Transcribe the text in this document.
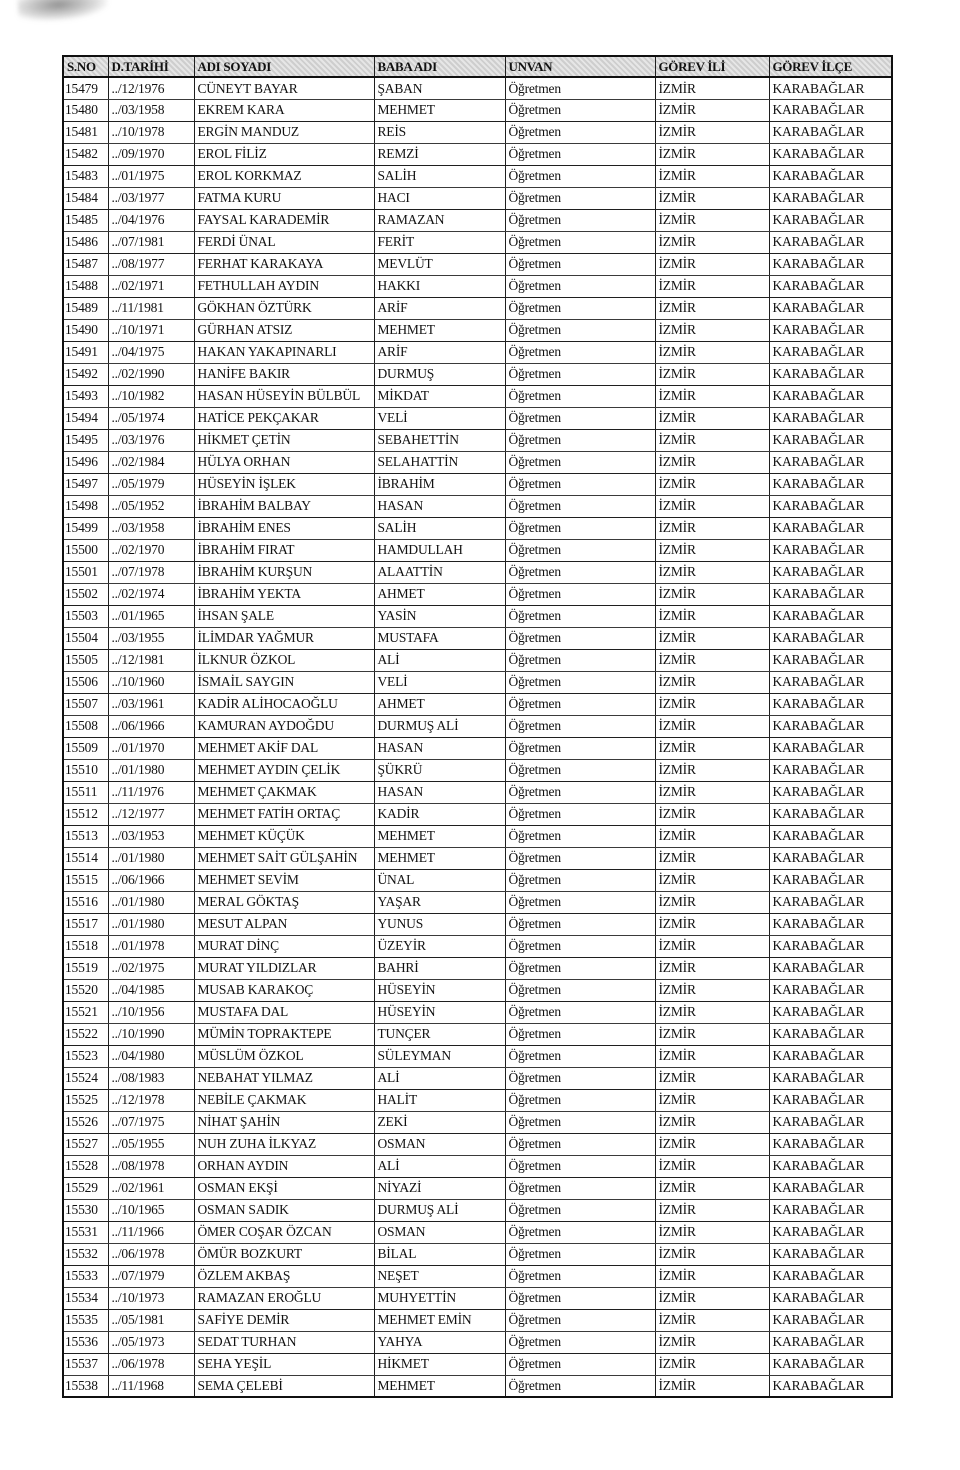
S.NO	D.TARİHİ	ADI SOYADI	BABA ADI	UNVAN	GÖREV İLİ	GÖREV İLÇE
15479	../12/1976	CÜNEYT BAYAR	ŞABAN	Öğretmen	İZMİR	KARABAĞLAR
15480	../03/1958	EKREM KARA	MEHMET	Öğretmen	İZMİR	KARABAĞLAR
15481	../10/1978	ERGİN MANDUZ	REİS	Öğretmen	İZMİR	KARABAĞLAR
15482	../09/1970	EROL FİLİZ	REMZİ	Öğretmen	İZMİR	KARABAĞLAR
15483	../01/1975	EROL KORKMAZ	SALİH	Öğretmen	İZMİR	KARABAĞLAR
15484	../03/1977	FATMA KURU	HACI	Öğretmen	İZMİR	KARABAĞLAR
15485	../04/1976	FAYSAL KARADEMİR	RAMAZAN	Öğretmen	İZMİR	KARABAĞLAR
15486	../07/1981	FERDİ ÜNAL	FERİT	Öğretmen	İZMİR	KARABAĞLAR
15487	../08/1977	FERHAT KARAKAYA	MEVLÜT	Öğretmen	İZMİR	KARABAĞLAR
15488	../02/1971	FETHULLAH AYDIN	HAKKI	Öğretmen	İZMİR	KARABAĞLAR
15489	../11/1981	GÖKHAN ÖZTÜRK	ARİF	Öğretmen	İZMİR	KARABAĞLAR
15490	../10/1971	GÜRHAN ATSIZ	MEHMET	Öğretmen	İZMİR	KARABAĞLAR
15491	../04/1975	HAKAN YAKAPINARLI	ARİF	Öğretmen	İZMİR	KARABAĞLAR
15492	../02/1990	HANİFE BAKIR	DURMUŞ	Öğretmen	İZMİR	KARABAĞLAR
15493	../10/1982	HASAN HÜSEYİN BÜLBÜL	MİKDAT	Öğretmen	İZMİR	KARABAĞLAR
15494	../05/1974	HATİCE PEKÇAKAR	VELİ	Öğretmen	İZMİR	KARABAĞLAR
15495	../03/1976	HİKMET ÇETİN	SEBAHETTİN	Öğretmen	İZMİR	KARABAĞLAR
15496	../02/1984	HÜLYA ORHAN	SELAHATTİN	Öğretmen	İZMİR	KARABAĞLAR
15497	../05/1979	HÜSEYİN İŞLEK	İBRAHİM	Öğretmen	İZMİR	KARABAĞLAR
15498	../05/1952	İBRAHİM BALBAY	HASAN	Öğretmen	İZMİR	KARABAĞLAR
15499	../03/1958	İBRAHİM ENES	SALİH	Öğretmen	İZMİR	KARABAĞLAR
15500	../02/1970	İBRAHİM FIRAT	HAMDULLAH	Öğretmen	İZMİR	KARABAĞLAR
15501	../07/1978	İBRAHİM KURŞUN	ALAATTİN	Öğretmen	İZMİR	KARABAĞLAR
15502	../02/1974	İBRAHİM YEKTA	AHMET	Öğretmen	İZMİR	KARABAĞLAR
15503	../01/1965	İHSAN ŞALE	YASİN	Öğretmen	İZMİR	KARABAĞLAR
15504	../03/1955	İLİMDAR YAĞMUR	MUSTAFA	Öğretmen	İZMİR	KARABAĞLAR
15505	../12/1981	İLKNUR ÖZKOL	ALİ	Öğretmen	İZMİR	KARABAĞLAR
15506	../10/1960	İSMAİL SAYGIN	VELİ	Öğretmen	İZMİR	KARABAĞLAR
15507	../03/1961	KADİR ALİHOCAOĞLU	AHMET	Öğretmen	İZMİR	KARABAĞLAR
15508	../06/1966	KAMURAN AYDOĞDU	DURMUŞ ALİ	Öğretmen	İZMİR	KARABAĞLAR
15509	../01/1970	MEHMET AKİF DAL	HASAN	Öğretmen	İZMİR	KARABAĞLAR
15510	../01/1980	MEHMET AYDIN ÇELİK	ŞÜKRÜ	Öğretmen	İZMİR	KARABAĞLAR
15511	../11/1976	MEHMET ÇAKMAK	HASAN	Öğretmen	İZMİR	KARABAĞLAR
15512	../12/1977	MEHMET FATİH ORTAÇ	KADİR	Öğretmen	İZMİR	KARABAĞLAR
15513	../03/1953	MEHMET KÜÇÜK	MEHMET	Öğretmen	İZMİR	KARABAĞLAR
15514	../01/1980	MEHMET SAİT GÜLŞAHİN	MEHMET	Öğretmen	İZMİR	KARABAĞLAR
15515	../06/1966	MEHMET SEVİM	ÜNAL	Öğretmen	İZMİR	KARABAĞLAR
15516	../01/1980	MERAL GÖKTAŞ	YAŞAR	Öğretmen	İZMİR	KARABAĞLAR
15517	../01/1980	MESUT ALPAN	YUNUS	Öğretmen	İZMİR	KARABAĞLAR
15518	../01/1978	MURAT DİNÇ	ÜZEYİR	Öğretmen	İZMİR	KARABAĞLAR
15519	../02/1975	MURAT YILDIZLAR	BAHRİ	Öğretmen	İZMİR	KARABAĞLAR
15520	../04/1985	MUSAB KARAKOÇ	HÜSEYİN	Öğretmen	İZMİR	KARABAĞLAR
15521	../10/1956	MUSTAFA DAL	HÜSEYİN	Öğretmen	İZMİR	KARABAĞLAR
15522	../10/1990	MÜMİN TOPRAKTEPE	TUNÇER	Öğretmen	İZMİR	KARABAĞLAR
15523	../04/1980	MÜSLÜM ÖZKOL	SÜLEYMAN	Öğretmen	İZMİR	KARABAĞLAR
15524	../08/1983	NEBAHAT YILMAZ	ALİ	Öğretmen	İZMİR	KARABAĞLAR
15525	../12/1978	NEBİLE ÇAKMAK	HALİT	Öğretmen	İZMİR	KARABAĞLAR
15526	../07/1975	NİHAT ŞAHİN	ZEKİ	Öğretmen	İZMİR	KARABAĞLAR
15527	../05/1955	NUH ZUHA İLKYAZ	OSMAN	Öğretmen	İZMİR	KARABAĞLAR
15528	../08/1978	ORHAN AYDIN	ALİ	Öğretmen	İZMİR	KARABAĞLAR
15529	../02/1961	OSMAN EKŞİ	NİYAZİ	Öğretmen	İZMİR	KARABAĞLAR
15530	../10/1965	OSMAN SADIK	DURMUŞ ALİ	Öğretmen	İZMİR	KARABAĞLAR
15531	../11/1966	ÖMER COŞAR ÖZCAN	OSMAN	Öğretmen	İZMİR	KARABAĞLAR
15532	../06/1978	ÖMÜR BOZKURT	BİLAL	Öğretmen	İZMİR	KARABAĞLAR
15533	../07/1979	ÖZLEM AKBAŞ	NEŞET	Öğretmen	İZMİR	KARABAĞLAR
15534	../10/1973	RAMAZAN EROĞLU	MUHYETTİN	Öğretmen	İZMİR	KARABAĞLAR
15535	../05/1981	SAFİYE DEMİR	MEHMET EMİN	Öğretmen	İZMİR	KARABAĞLAR
15536	../05/1973	SEDAT TURHAN	YAHYA	Öğretmen	İZMİR	KARABAĞLAR
15537	../06/1978	SEHA YEŞİL	HİKMET	Öğretmen	İZMİR	KARABAĞLAR
15538	../11/1968	SEMA ÇELEBİ	MEHMET	Öğretmen	İZMİR	KARABAĞLAR
